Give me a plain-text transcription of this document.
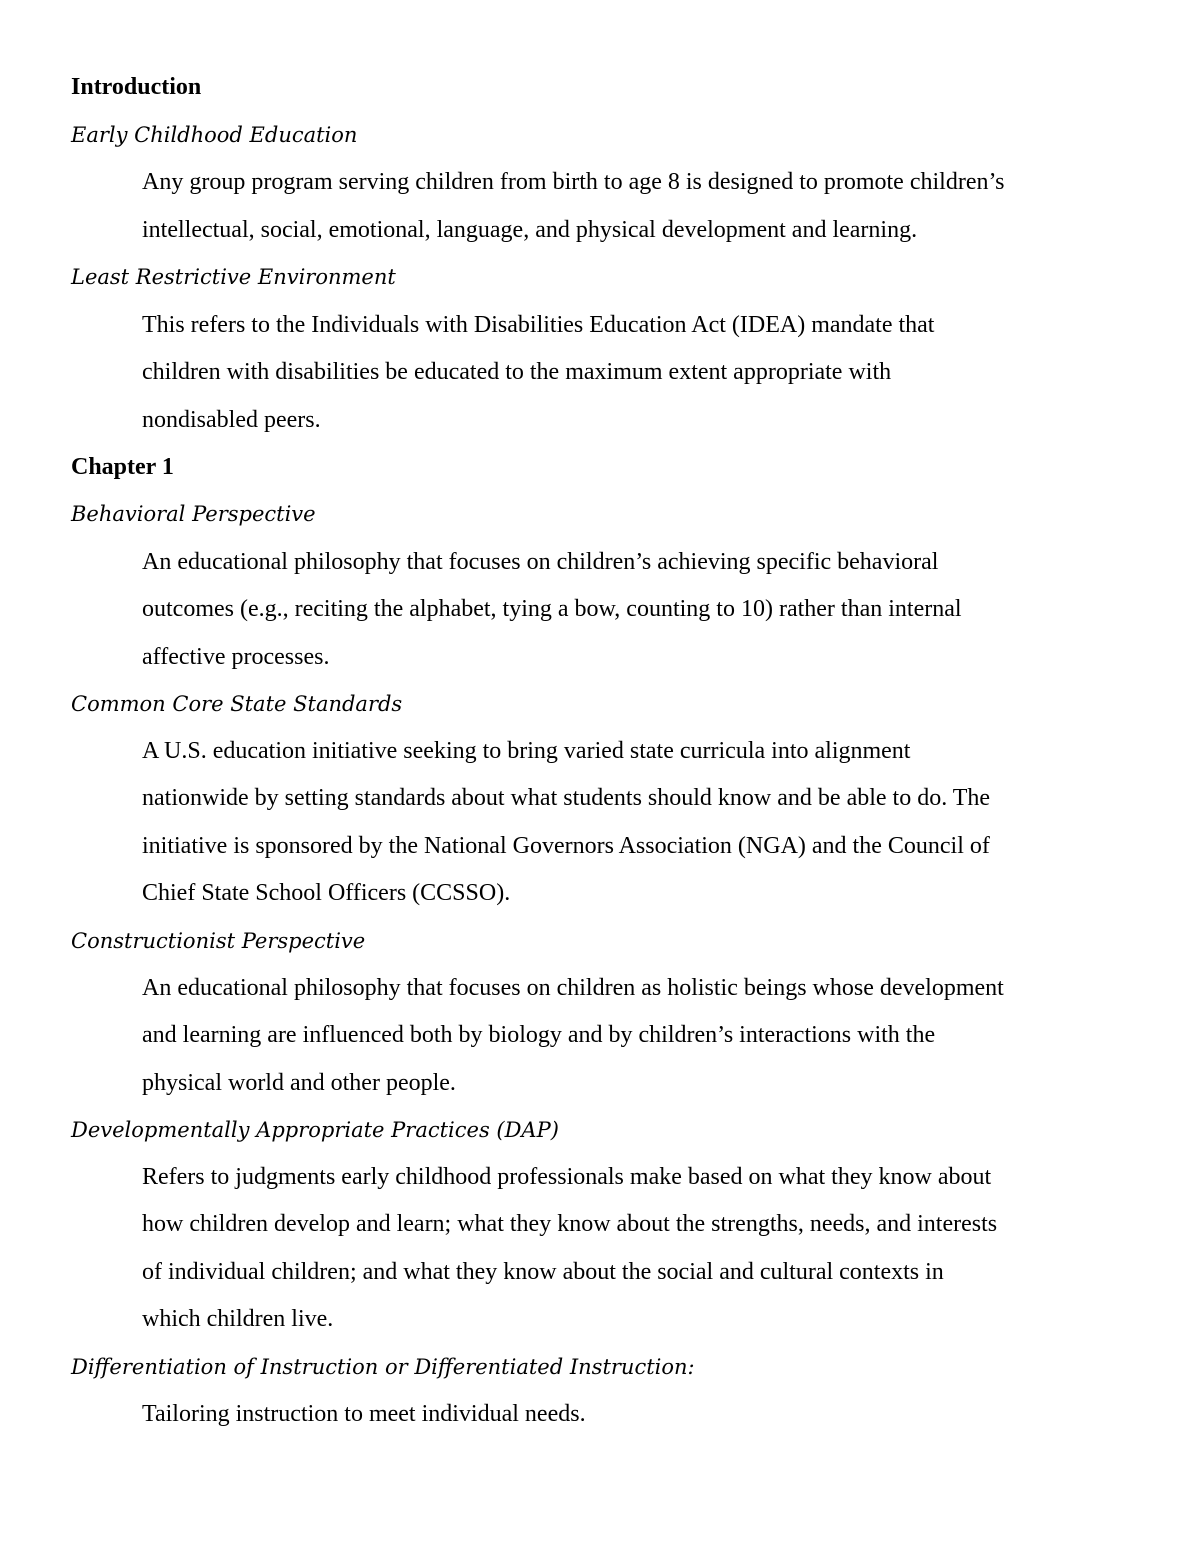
Introduction
Early Childhood Education
Any group program serving children from birth to age 8 is designed to promote children’s
intellectual, social, emotional, language, and physical development and learning.
Least Restrictive Environment
This refers to the Individuals with Disabilities Education Act (IDEA) mandate that
children with disabilities be educated to the maximum extent appropriate with
nondisabled peers.
Chapter 1
Behavioral Perspective
An educational philosophy that focuses on children’s achieving specific behavioral
outcomes (e.g., reciting the alphabet, tying a bow, counting to 10) rather than internal
affective processes.
Common Core State Standards
A U.S. education initiative seeking to bring varied state curricula into alignment
nationwide by setting standards about what students should know and be able to do. The
initiative is sponsored by the National Governors Association (NGA) and the Council of
Chief State School Officers (CCSSO).
Constructionist Perspective
An educational philosophy that focuses on children as holistic beings whose development
and learning are influenced both by biology and by children’s interactions with the
physical world and other people.
Developmentally Appropriate Practices (DAP)
Refers to judgments early childhood professionals make based on what they know about
how children develop and learn; what they know about the strengths, needs, and interests
of individual children; and what they know about the social and cultural contexts in
which children live.
Differentiation of Instruction or Differentiated Instruction:
Tailoring instruction to meet individual needs.
